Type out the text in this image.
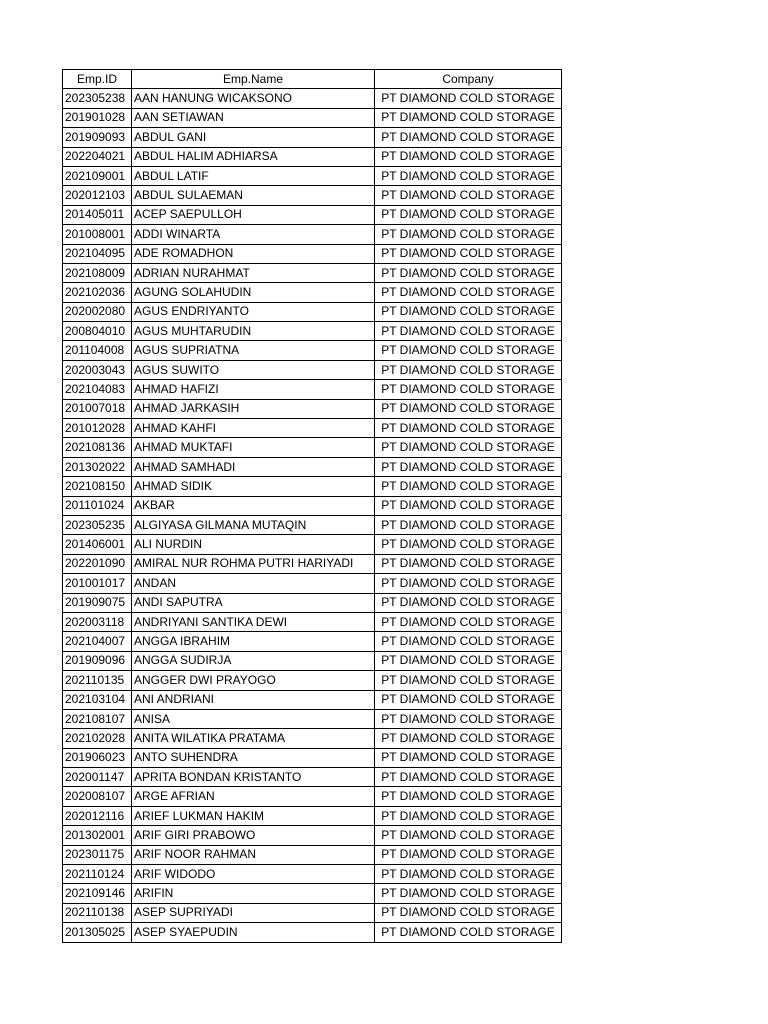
Emp.ID	Emp.Name	Company
202305238	AAN HANUNG WICAKSONO	PT DIAMOND COLD STORAGE
201901028	AAN SETIAWAN	PT DIAMOND COLD STORAGE
201909093	ABDUL GANI	PT DIAMOND COLD STORAGE
202204021	ABDUL HALIM ADHIARSA	PT DIAMOND COLD STORAGE
202109001	ABDUL LATIF	PT DIAMOND COLD STORAGE
202012103	ABDUL SULAEMAN	PT DIAMOND COLD STORAGE
201405011	ACEP SAEPULLOH	PT DIAMOND COLD STORAGE
201008001	ADDI WINARTA	PT DIAMOND COLD STORAGE
202104095	ADE ROMADHON	PT DIAMOND COLD STORAGE
202108009	ADRIAN NURAHMAT	PT DIAMOND COLD STORAGE
202102036	AGUNG SOLAHUDIN	PT DIAMOND COLD STORAGE
202002080	AGUS ENDRIYANTO	PT DIAMOND COLD STORAGE
200804010	AGUS MUHTARUDIN	PT DIAMOND COLD STORAGE
201104008	AGUS SUPRIATNA	PT DIAMOND COLD STORAGE
202003043	AGUS SUWITO	PT DIAMOND COLD STORAGE
202104083	AHMAD HAFIZI	PT DIAMOND COLD STORAGE
201007018	AHMAD JARKASIH	PT DIAMOND COLD STORAGE
201012028	AHMAD KAHFI	PT DIAMOND COLD STORAGE
202108136	AHMAD MUKTAFI	PT DIAMOND COLD STORAGE
201302022	AHMAD SAMHADI	PT DIAMOND COLD STORAGE
202108150	AHMAD SIDIK	PT DIAMOND COLD STORAGE
201101024	AKBAR	PT DIAMOND COLD STORAGE
202305235	ALGIYASA GILMANA MUTAQIN	PT DIAMOND COLD STORAGE
201406001	ALI NURDIN	PT DIAMOND COLD STORAGE
202201090	AMIRAL NUR ROHMA PUTRI HARIYADI	PT DIAMOND COLD STORAGE
201001017	ANDAN	PT DIAMOND COLD STORAGE
201909075	ANDI SAPUTRA	PT DIAMOND COLD STORAGE
202003118	ANDRIYANI SANTIKA DEWI	PT DIAMOND COLD STORAGE
202104007	ANGGA IBRAHIM	PT DIAMOND COLD STORAGE
201909096	ANGGA SUDIRJA	PT DIAMOND COLD STORAGE
202110135	ANGGER DWI PRAYOGO	PT DIAMOND COLD STORAGE
202103104	ANI ANDRIANI	PT DIAMOND COLD STORAGE
202108107	ANISA	PT DIAMOND COLD STORAGE
202102028	ANITA WILATIKA PRATAMA	PT DIAMOND COLD STORAGE
201906023	ANTO SUHENDRA	PT DIAMOND COLD STORAGE
202001147	APRITA BONDAN KRISTANTO	PT DIAMOND COLD STORAGE
202008107	ARGE AFRIAN	PT DIAMOND COLD STORAGE
202012116	ARIEF LUKMAN HAKIM	PT DIAMOND COLD STORAGE
201302001	ARIF GIRI PRABOWO	PT DIAMOND COLD STORAGE
202301175	ARIF NOOR RAHMAN	PT DIAMOND COLD STORAGE
202110124	ARIF WIDODO	PT DIAMOND COLD STORAGE
202109146	ARIFIN	PT DIAMOND COLD STORAGE
202110138	ASEP SUPRIYADI	PT DIAMOND COLD STORAGE
201305025	ASEP SYAEPUDIN	PT DIAMOND COLD STORAGE
